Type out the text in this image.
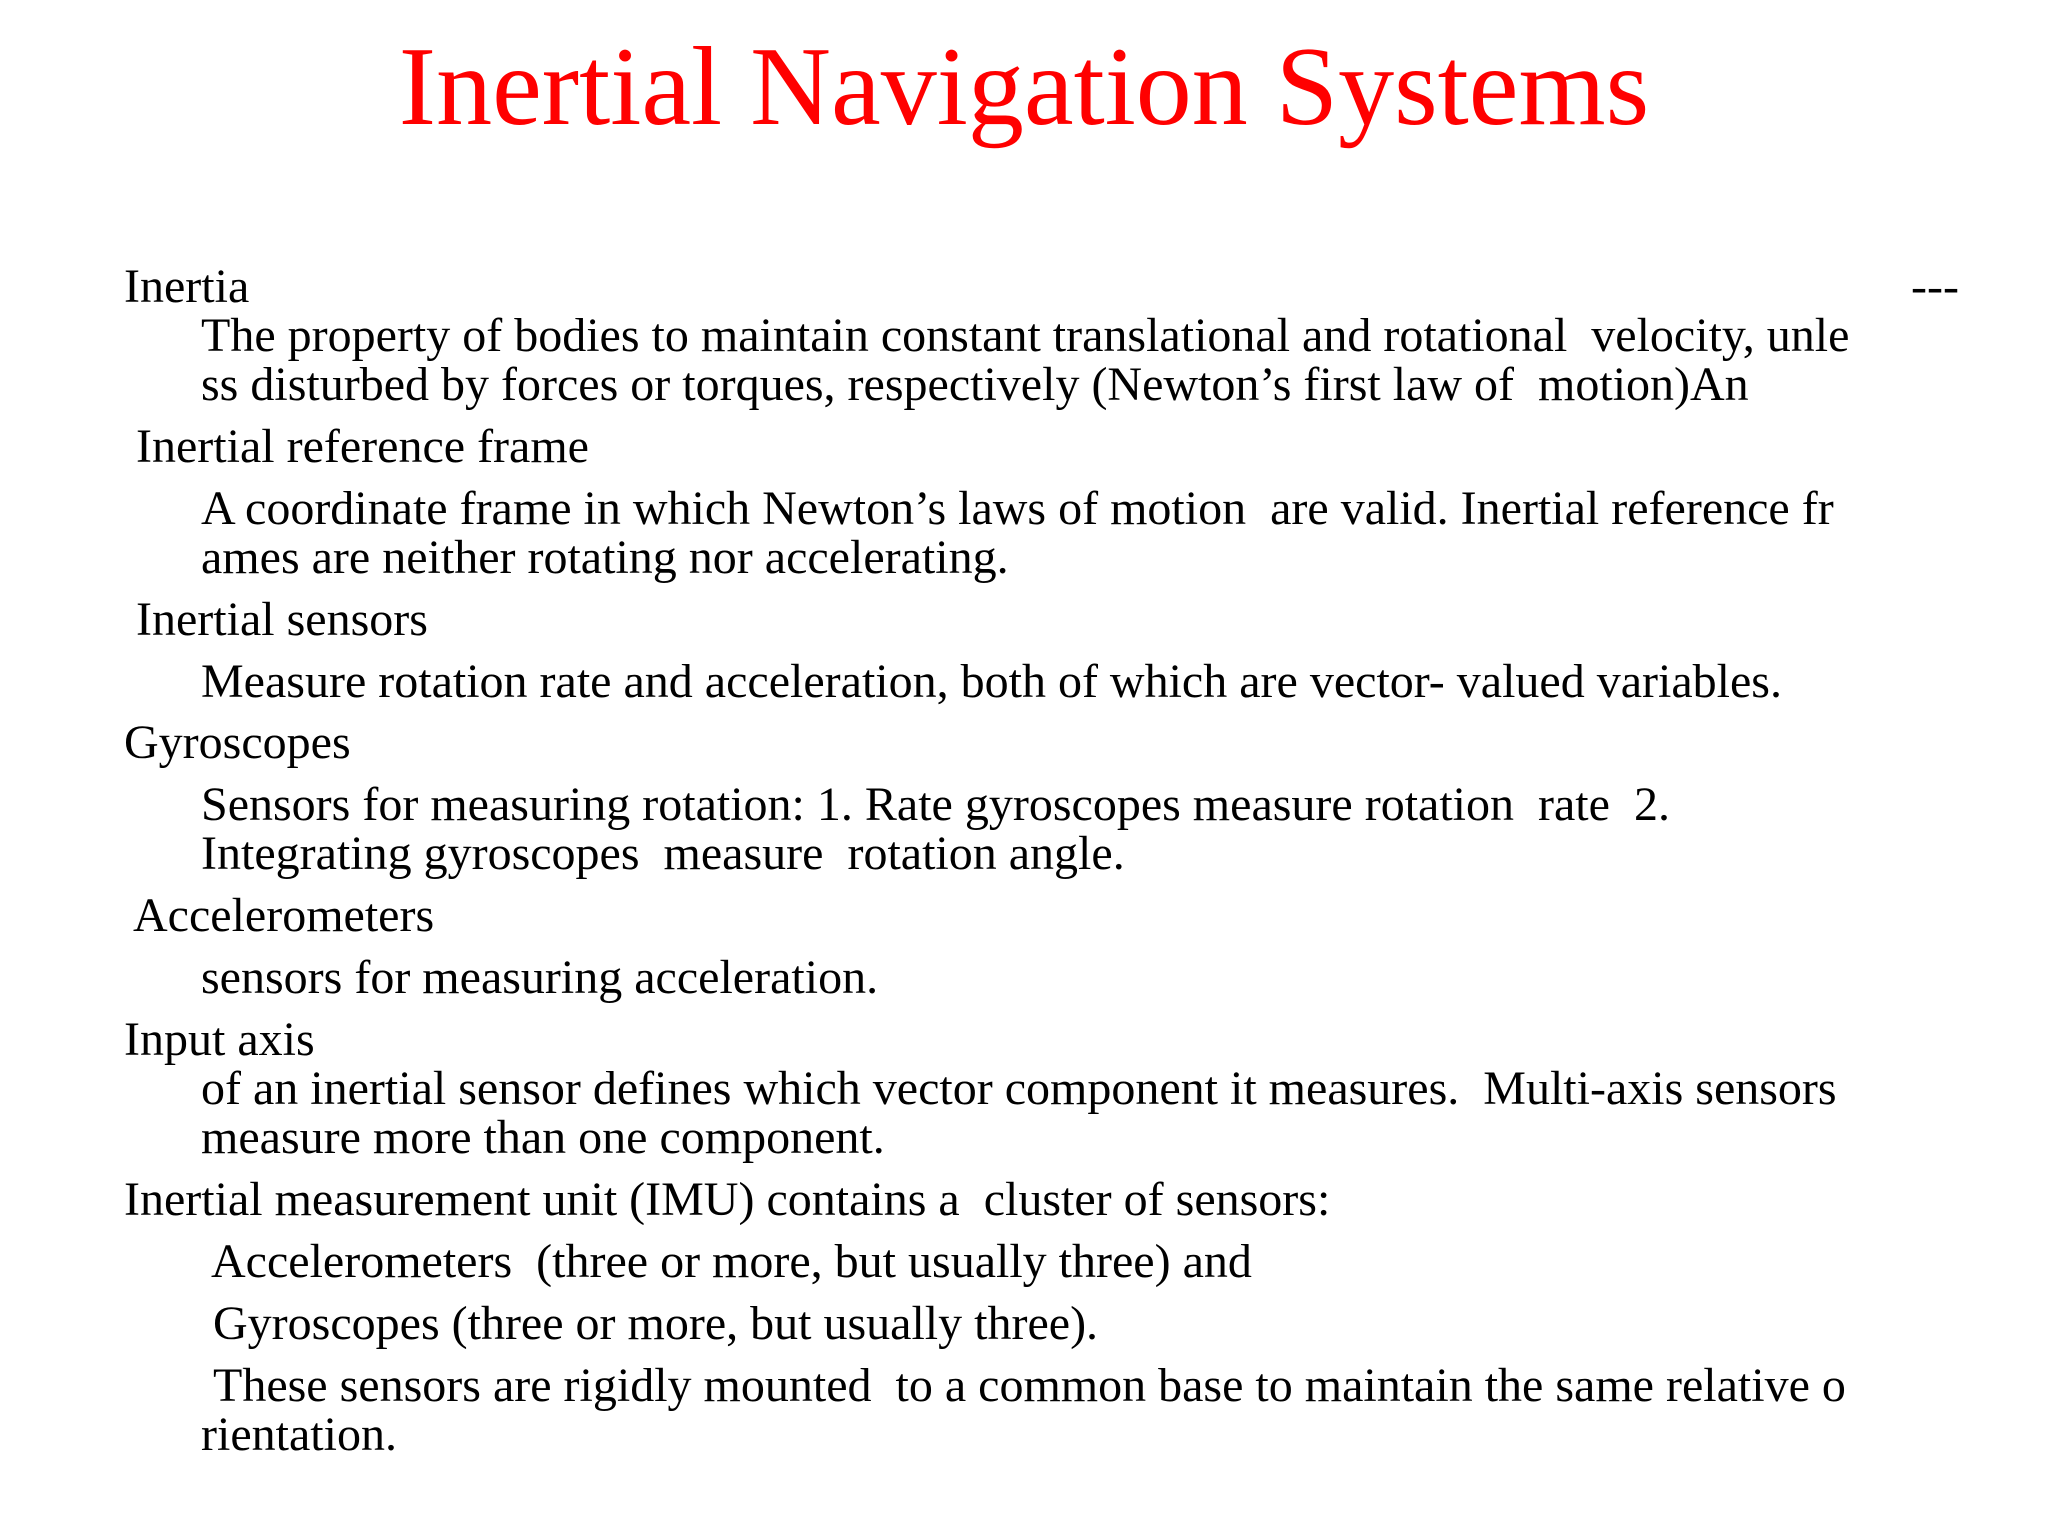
Inertial Navigation Systems
Inertia	---
The property of bodies to maintain constant translational and rotational  velocity, unle
ss disturbed by forces or torques, respectively (Newton’s first law of  motion)An
Inertial reference frame
A coordinate frame in which Newton’s laws of motion  are valid. Inertial reference fr
ames are neither rotating nor accelerating.
Inertial sensors
Measure rotation rate and acceleration, both of which are vector- valued variables.
Gyroscopes
Sensors for measuring rotation: 1. Rate gyroscopes measure rotation  rate  2.
Integrating gyroscopes  measure  rotation angle.
Accelerometers
sensors for measuring acceleration.
Input axis
of an inertial sensor defines which vector component it measures.  Multi-axis sensors
measure more than one component.
Inertial measurement unit (IMU) contains a  cluster of sensors:
Accelerometers  (three or more, but usually three) and
Gyroscopes (three or more, but usually three).
These sensors are rigidly mounted  to a common base to maintain the same relative o
rientation.
